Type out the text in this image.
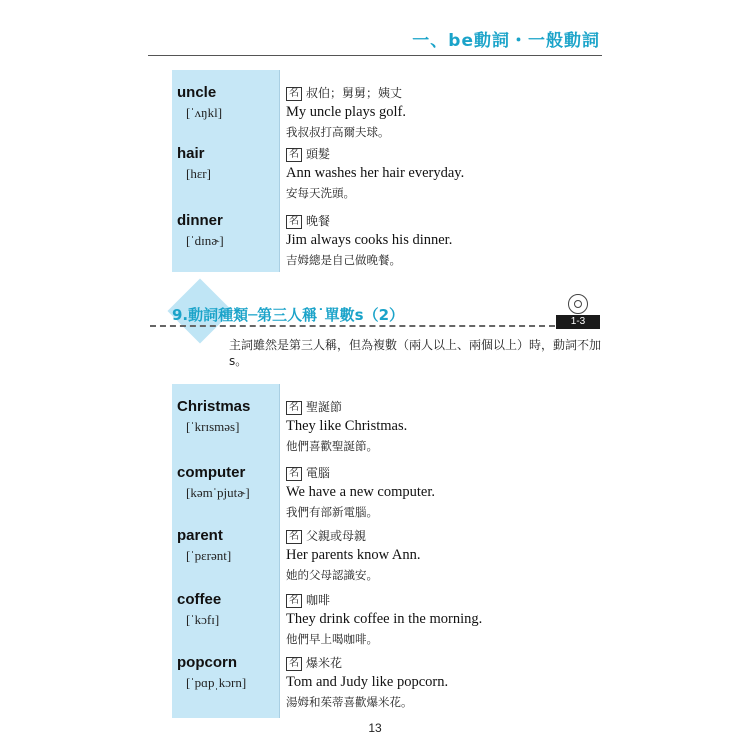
一、be動詞・一般動詞
uncle
[ˈʌŋkl]
名 叔伯；舅舅；姨丈
My uncle plays golf.
我叔叔打高爾夫球。
hair
[hɛr]
名 頭髮
Ann washes her hair everyday.
安每天洗頭。
dinner
[ˈdɪnɚ]
名 晚餐
Jim always cooks his dinner.
吉姆總是自己做晚餐。
9.動詞種類─第三人稱˙單數s（2）	1-3
主詞雖然是第三人稱，但為複數（兩人以上、兩個以上）時，動詞不加s。
Christmas
[ˈkrɪsməs]
名 聖誕節
They like Christmas.
他們喜歡聖誕節。
computer
[kəmˈpjutɚ]
名 電腦
We have a new computer.
我們有部新電腦。
parent
[ˈpɛrənt]
名 父親或母親
Her parents know Ann.
她的父母認識安。
coffee
[ˈkɔfɪ]
名 咖啡
They drink coffee in the morning.
他們早上喝咖啡。
popcorn
[ˈpɑpˌkɔrn]
名 爆米花
Tom and Judy like popcorn.
湯姆和茱蒂喜歡爆米花。
13
